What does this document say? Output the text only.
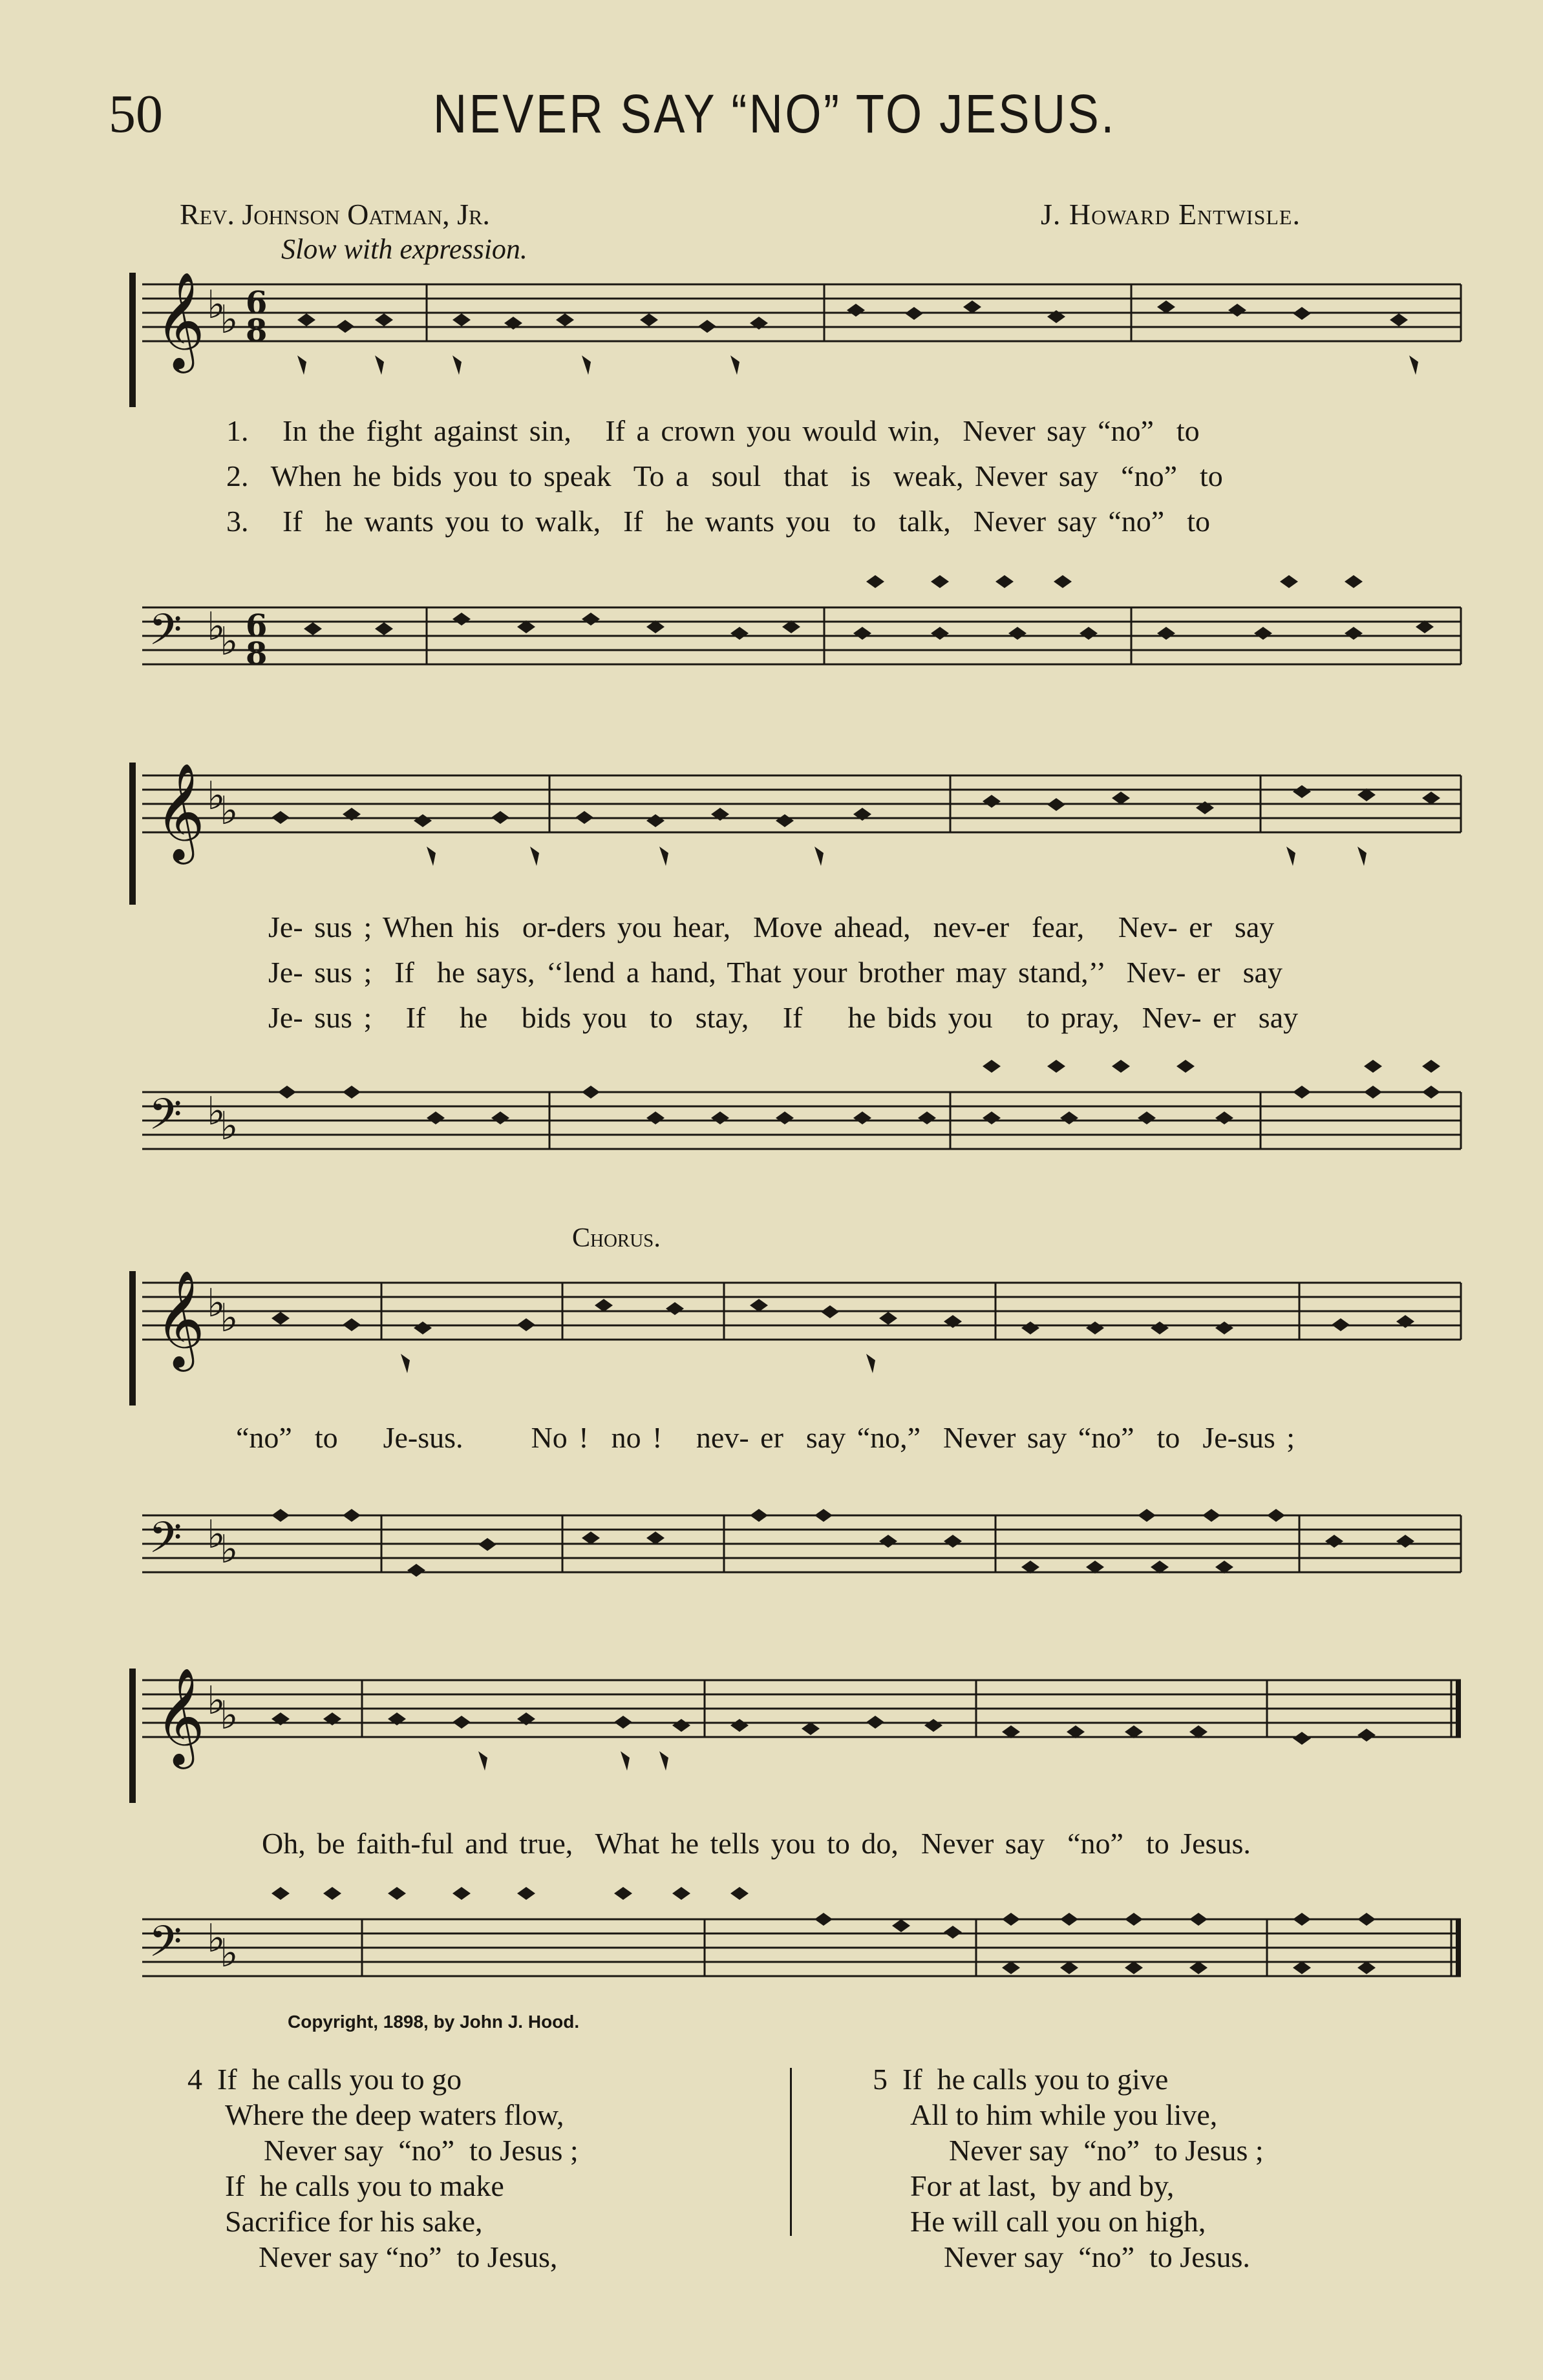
50	NEVER SAY “NO” TO JESUS.
Rev. Johnson Oatman, Jr.	J. Howard Entwisle.
Slow with expression.
𝄞 ♭
♭ 6
8
1.   In the fight against sin,   If a crown you would win,  Never say “no”  to
2.  When he bids you to speak  To a  soul  that  is  weak, Never say  “no”  to
3.   If  he wants you to walk,  If  he wants you  to  talk,  Never say “no”  to
𝄢 ♭
♭ 6
8
𝄞 ♭
♭
Je- sus ; When his  or-ders you hear,  Move ahead,  nev-er  fear,   Nev- er  say
Je- sus ;  If  he says, ‘‘lend a hand, That your brother may stand,’’  Nev- er  say
Je- sus ;   If   he   bids you  to  stay,   If    he bids you   to pray,  Nev- er  say
𝄢 ♭
♭
Chorus.
𝄞 ♭
♭
“no”  to    Je-sus.      No !  no !   nev- er  say “no,”  Never say “no”  to  Je-sus ;
𝄢 ♭
♭
𝄞 ♭
♭
Oh, be faith-ful and true,  What he tells you to do,  Never say  “no”  to Jesus.
𝄢 ♭
♭
Copyright, 1898, by John J. Hood.
4 If  he calls you to go
Where the deep waters flow,
Never say  “no”  to Jesus ;
If  he calls you to make
Sacrifice for his sake,
Never say “no”  to Jesus,
5 If  he calls you to give
All to him while you live,
Never say  “no”  to Jesus ;
For at last,  by and by,
He will call you on high,
Never say  “no”  to Jesus.
